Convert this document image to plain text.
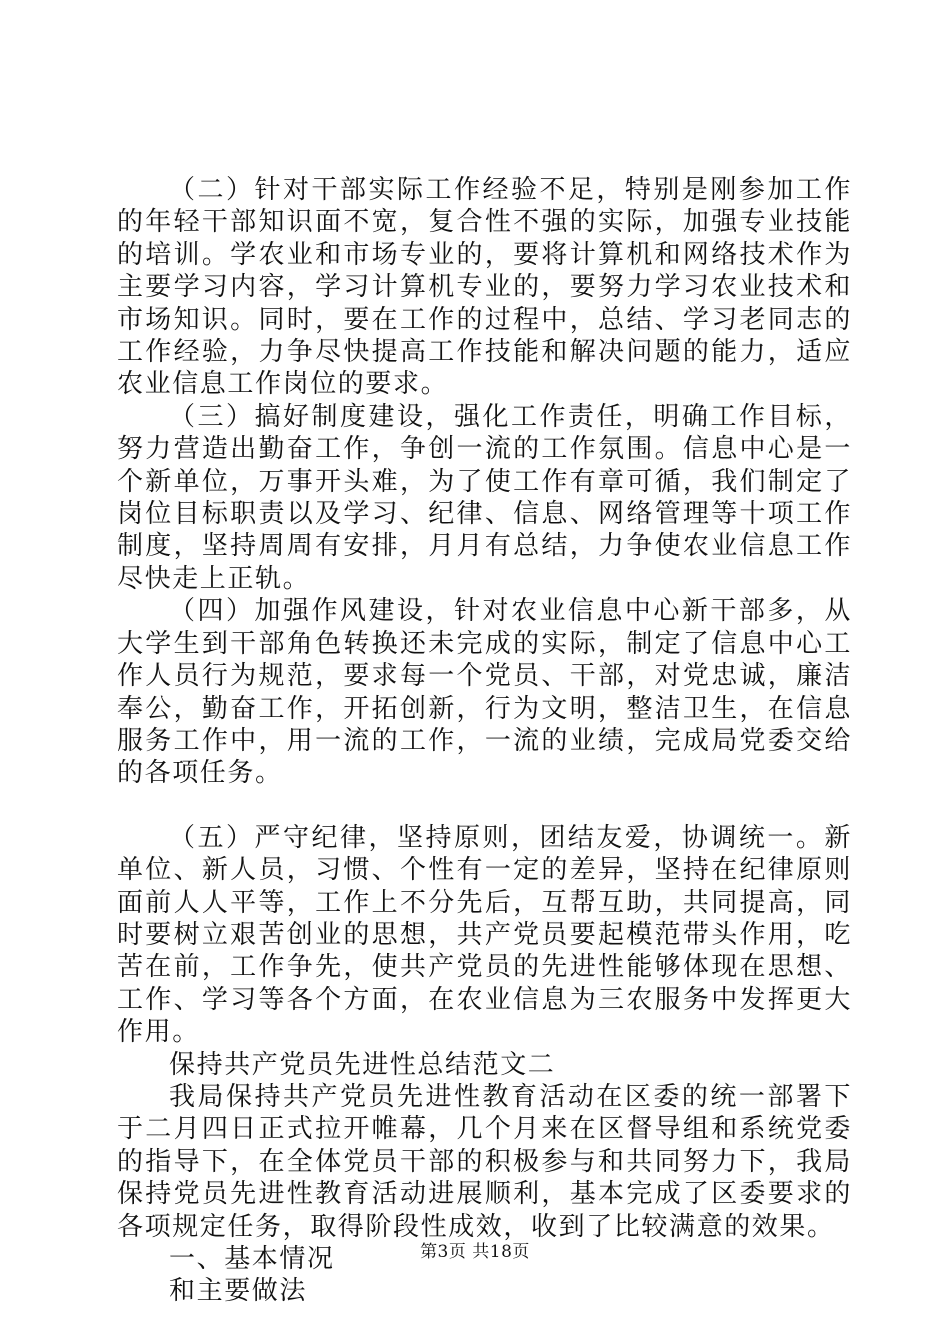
（二）针对干部实际工作经验不足，特别是刚参加工作的年轻干部知识面不宽，复合性不强的实际，加强专业技能的培训。学农业和市场专业的，要将计算机和网络技术作为主要学习内容，学习计算机专业的，要努力学习农业技术和市场知识。同时，要在工作的过程中，总结、学习老同志的工作经验，力争尽快提高工作技能和解决问题的能力，适应农业信息工作岗位的要求。

（三）搞好制度建设，强化工作责任，明确工作目标，努力营造出勤奋工作，争创一流的工作氛围。信息中心是一个新单位，万事开头难，为了使工作有章可循，我们制定了岗位目标职责以及学习、纪律、信息、网络管理等十项工作制度，坚持周周有安排，月月有总结，力争使农业信息工作尽快走上正轨。

（四）加强作风建设，针对农业信息中心新干部多，从大学生到干部角色转换还未完成的实际，制定了信息中心工作人员行为规范，要求每一个党员、干部，对党忠诚，廉洁奉公，勤奋工作，开拓创新，行为文明，整洁卫生，在信息服务工作中，用一流的工作，一流的业绩，完成局党委交给的各项任务。

（五）严守纪律，坚持原则，团结友爱，协调统一。新单位、新人员，习惯、个性有一定的差异，坚持在纪律原则面前人人平等，工作上不分先后，互帮互助，共同提高，同时要树立艰苦创业的思想，共产党员要起模范带头作用，吃苦在前，工作争先，使共产党员的先进性能够体现在思想、工作、学习等各个方面，在农业信息为三农服务中发挥更大作用。

保持共产党员先进性总结范文二

我局保持共产党员先进性教育活动在区委的统一部署下于二月四日正式拉开帷幕，几个月来在区督导组和系统党委的指导下，在全体党员干部的积极参与和共同努力下，我局保持党员先进性教育活动进展顺利，基本完成了区委要求的各项规定任务，取得阶段性成效，收到了比较满意的效果。

一、基本情况

和主要做法

第3页 共18页
